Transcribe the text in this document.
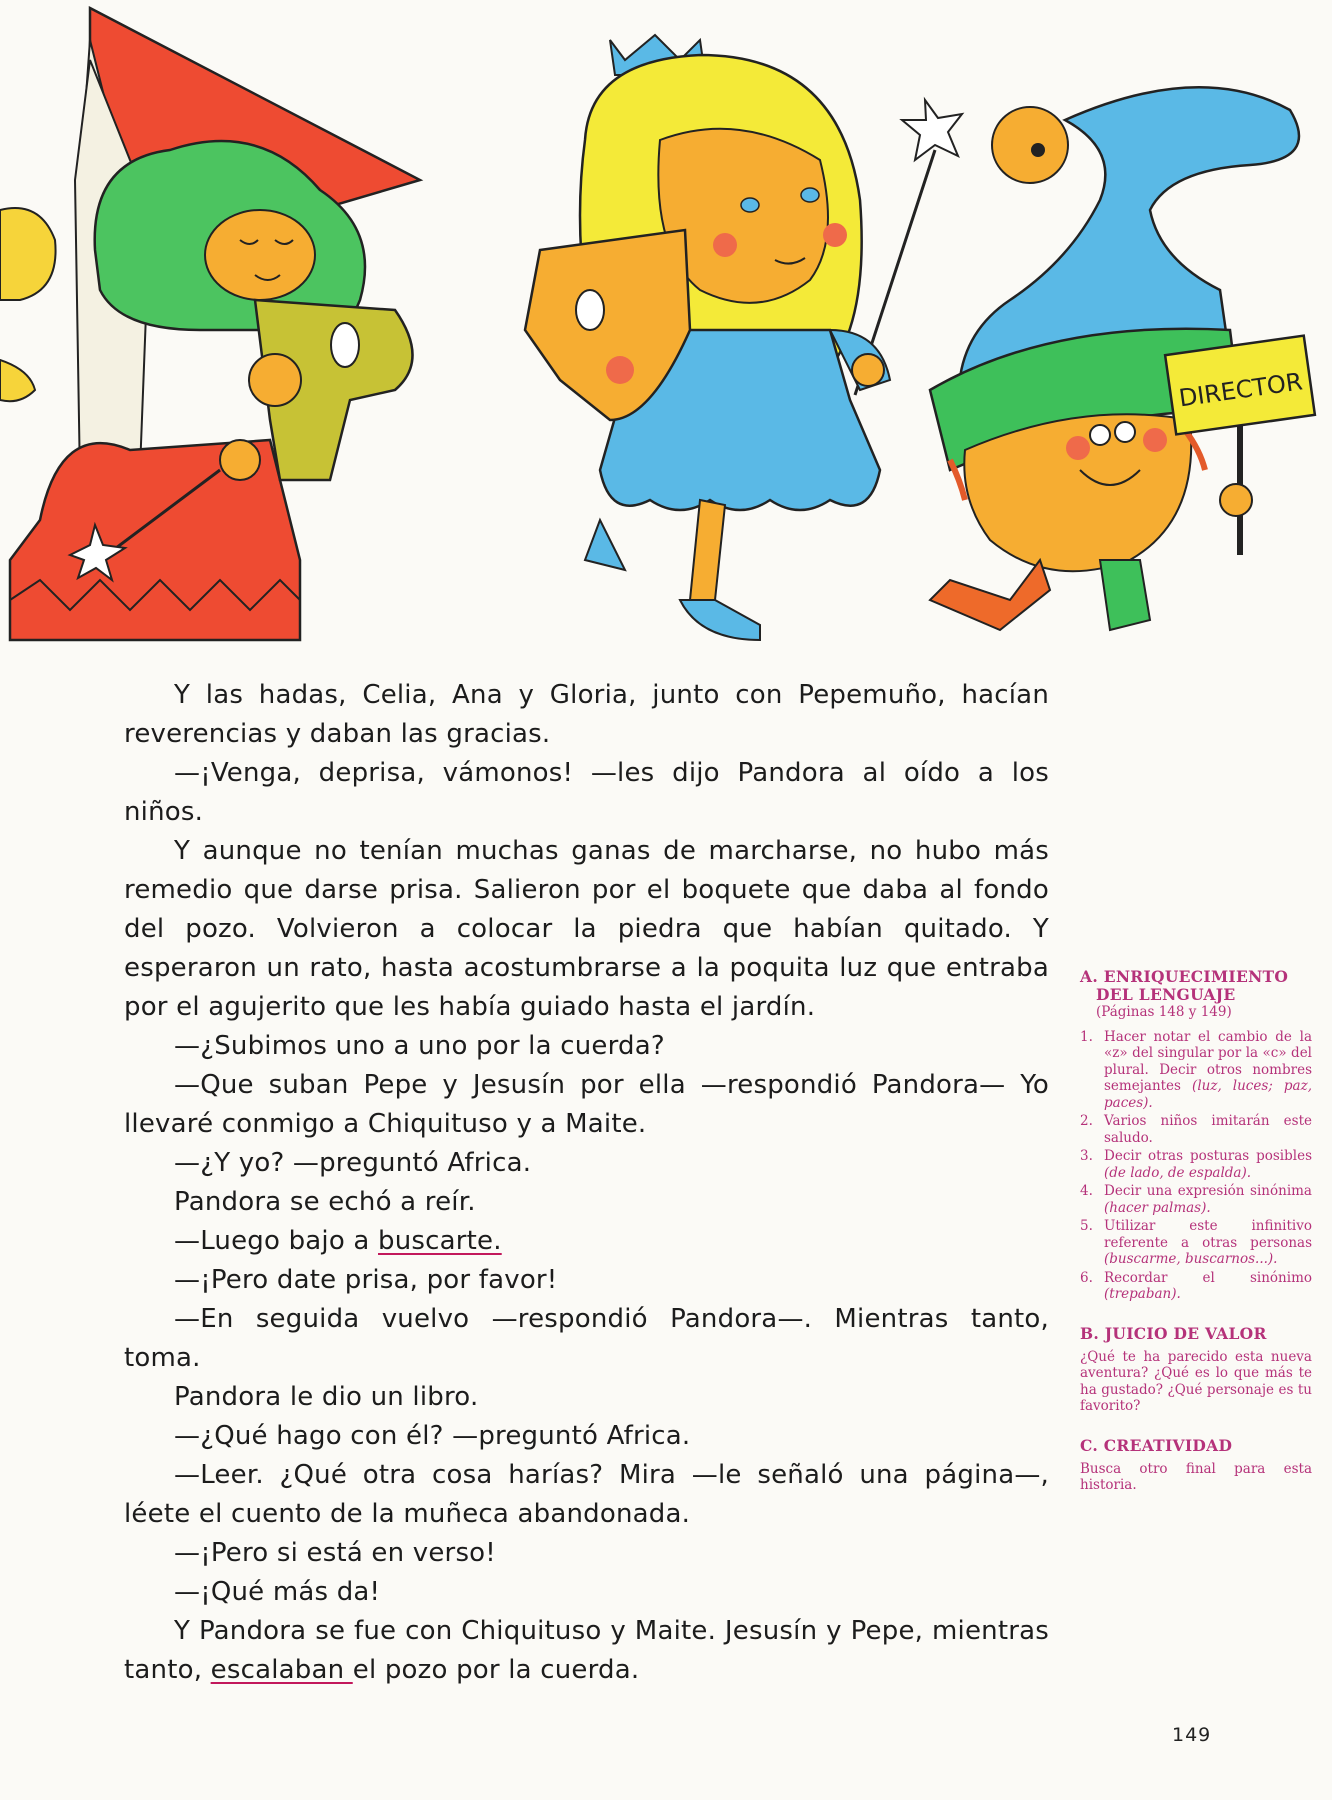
DIRECTOR

Y las hadas, Celia, Ana y Gloria, junto con Pepemuño, hacían reverencias y daban las gracias.

—¡Venga, deprisa, vámonos! —les dijo Pandora al oído a los niños.

Y aunque no tenían muchas ganas de marcharse, no hubo más remedio que darse prisa. Salieron por el boquete que daba al fondo del pozo. Volvieron a colocar la piedra que habían quitado. Y esperaron un rato, hasta acostumbrarse a la poquita luz que entraba por el agujerito que les había guiado hasta el jardín.

—¿Subimos uno a uno por la cuerda?

—Que suban Pepe y Jesusín por ella —respondió Pandora— Yo llevaré conmigo a Chiquituso y a Maite.

—¿Y yo? —preguntó Africa.

Pandora se echó a reír.

—Luego bajo a buscarte.

—¡Pero date prisa, por favor!

—En seguida vuelvo —respondió Pandora—. Mientras tanto, toma.

Pandora le dio un libro.

—¿Qué hago con él? —preguntó Africa.

—Leer. ¿Qué otra cosa harías? Mira —le señaló una página—, léete el cuento de la muñeca abandonada.

—¡Pero si está en verso!

—¡Qué más da!

Y Pandora se fue con Chiquituso y Maite. Jesusín y Pepe, mientras tanto, escalaban el pozo por la cuerda.

A. ENRIQUECIMIENTO
DEL LENGUAJE
(Páginas 148 y 149)
1. Hacer notar el cambio de la «z» del singular por la «c» del plural. Decir otros nombres semejantes (luz, luces; paz, paces).
2. Varios niños imitarán este saludo.
3. Decir otras posturas posibles (de lado, de espalda).
4. Decir una expresión sinónima (hacer palmas).
5. Utilizar este infinitivo referente a otras personas (buscarme, buscarnos...).
6. Recordar el sinónimo (trepaban).
B. JUICIO DE VALOR

¿Qué te ha parecido esta nueva aventura? ¿Qué es lo que más te ha gustado? ¿Qué personaje es tu favorito?

C. CREATIVIDAD

Busca otro final para esta historia.

149
